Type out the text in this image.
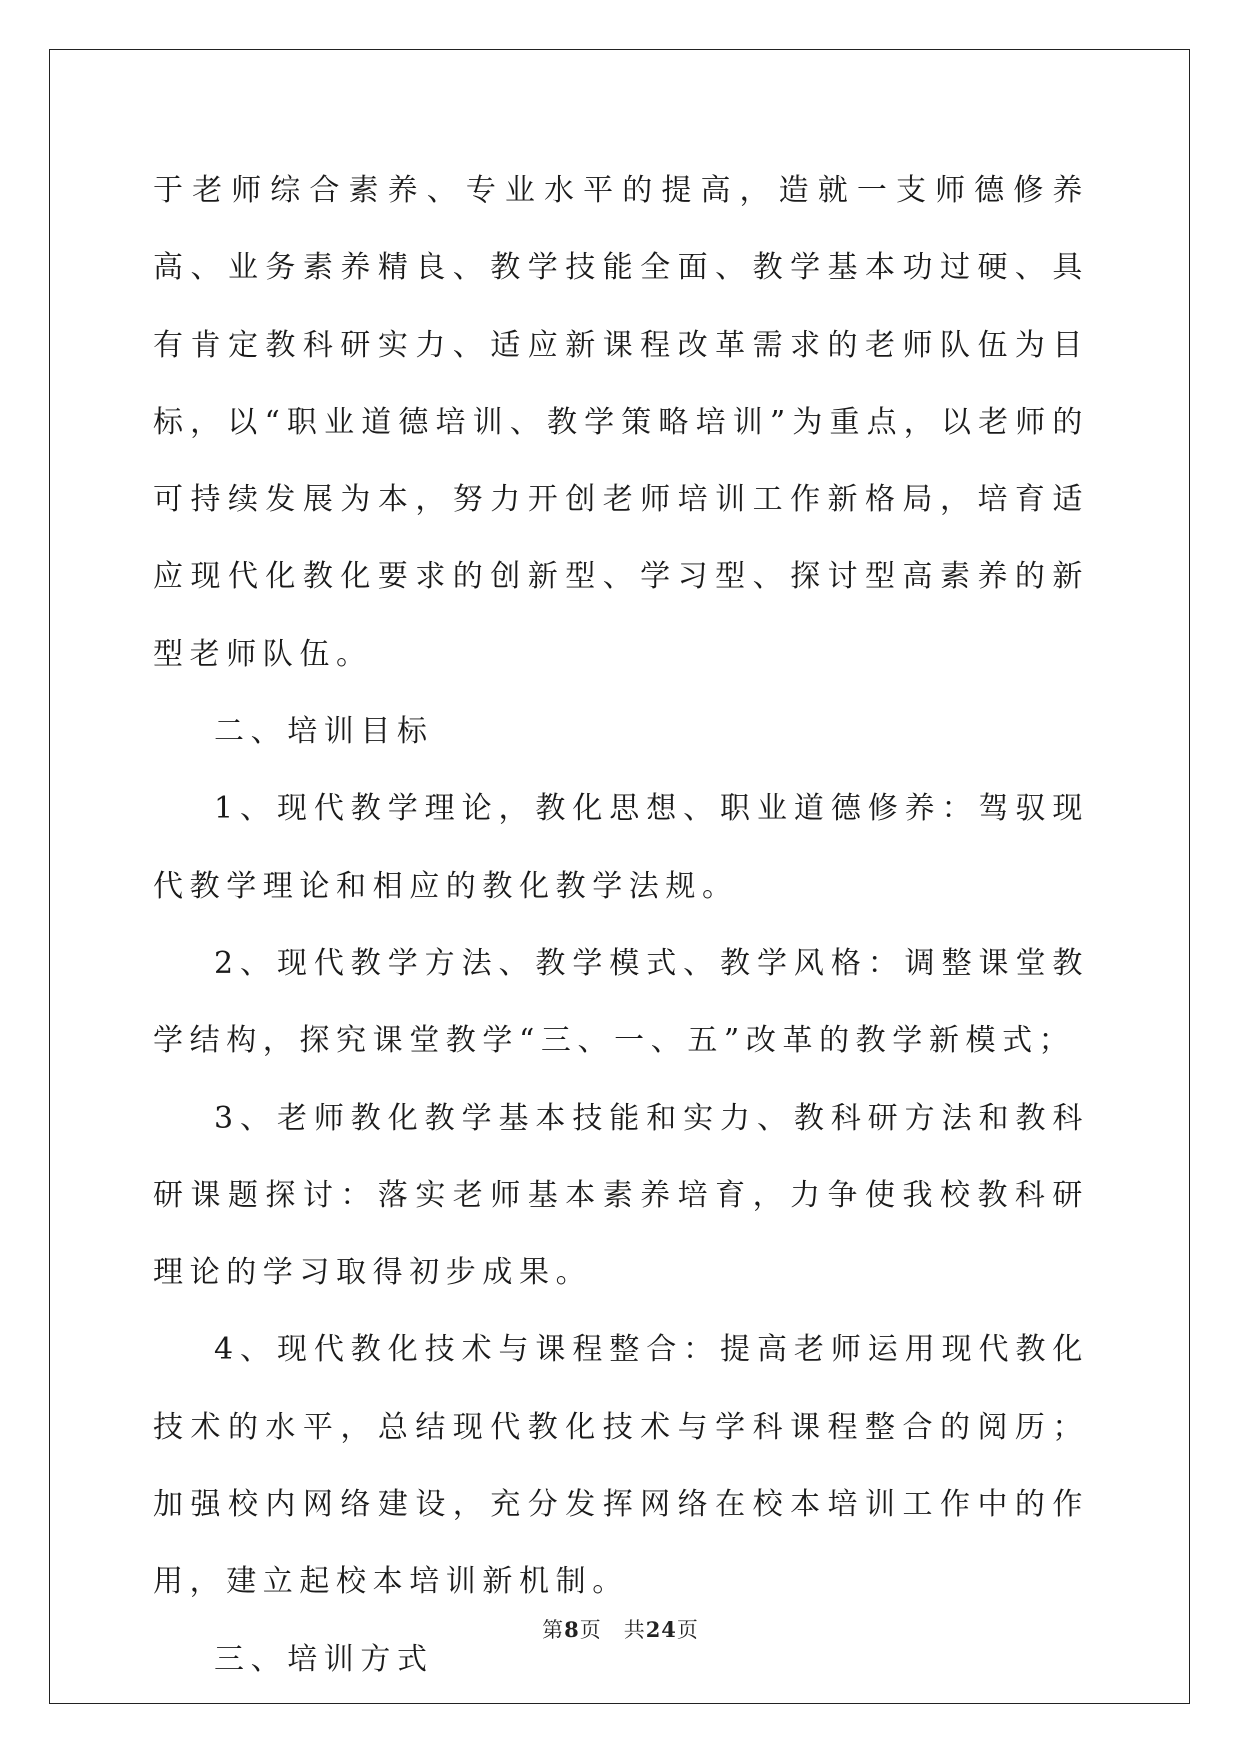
于老师综合素养、专业水平的提高，造就一支师德修养高、业务素养精良、教学技能全面、教学基本功过硬、具有肯定教科研实力、适应新课程改革需求的老师队伍为目标，以“职业道德培训、教学策略培训”为重点，以老师的可持续发展为本，努力开创老师培训工作新格局，培育适应现代化教化要求的创新型、学习型、探讨型高素养的新型老师队伍。

二、培训目标

1、现代教学理论，教化思想、职业道德修养：驾驭现代教学理论和相应的教化教学法规。

2、现代教学方法、教学模式、教学风格：调整课堂教学结构，探究课堂教学“三、一、五”改革的教学新模式；

3、老师教化教学基本技能和实力、教科研方法和教科研课题探讨：落实老师基本素养培育，力争使我校教科研理论的学习取得初步成果。

4、现代教化技术与课程整合：提高老师运用现代教化技术的水平，总结现代教化技术与学科课程整合的阅历；加强校内网络建设，充分发挥网络在校本培训工作中的作用，建立起校本培训新机制。

三、培训方式

第8页 共24页
